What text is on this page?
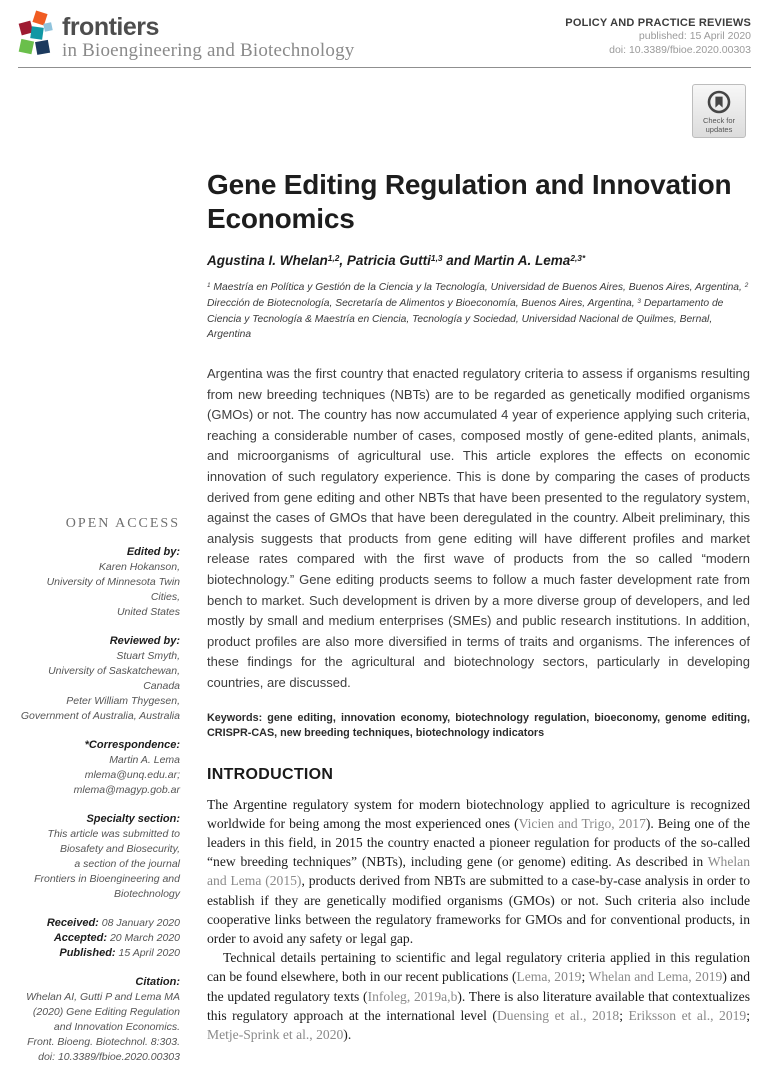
frontiers
in Bioengineering and Biotechnology
POLICY AND PRACTICE REVIEWS
published: 15 April 2020
doi: 10.3389/fbioe.2020.00303
Check for
updates
OPEN ACCESS
Edited by:
Karen Hokanson,
University of Minnesota Twin Cities,
United States
Reviewed by:
Stuart Smyth,
University of Saskatchewan, Canada
Peter William Thygesen,
Government of Australia, Australia
*Correspondence:
Martin A. Lema
mlema@unq.edu.ar;
mlema@magyp.gob.ar
Specialty section:
This article was submitted to
Biosafety and Biosecurity,
a section of the journal
Frontiers in Bioengineering and
Biotechnology
Received: 08 January 2020
Accepted: 20 March 2020
Published: 15 April 2020
Citation:
Whelan AI, Gutti P and Lema MA
(2020) Gene Editing Regulation
and Innovation Economics.
Front. Bioeng. Biotechnol. 8:303.
doi: 10.3389/fbioe.2020.00303
Gene Editing Regulation and Innovation Economics
Agustina I. Whelan$^{1,2}$, Patricia Gutti$^{1,3}$ and Martin A. Lema$^{2,3*}$
$^1$ Maestría en Política y Gestión de la Ciencia y la Tecnología, Universidad de Buenos Aires, Buenos Aires, Argentina, $^2$ Dirección de Biotecnología, Secretaría de Alimentos y Bioeconomía, Buenos Aires, Argentina, $^3$ Departamento de Ciencia y Tecnología & Maestría en Ciencia, Tecnología y Sociedad, Universidad Nacional de Quilmes, Bernal, Argentina
Argentina was the first country that enacted regulatory criteria to assess if organisms resulting from new breeding techniques (NBTs) are to be regarded as genetically modified organisms (GMOs) or not. The country has now accumulated 4 year of experience applying such criteria, reaching a considerable number of cases, composed mostly of gene-edited plants, animals, and microorganisms of agricultural use. This article explores the effects on economic innovation of such regulatory experience. This is done by comparing the cases of products derived from gene editing and other NBTs that have been presented to the regulatory system, against the cases of GMOs that have been deregulated in the country. Albeit preliminary, this analysis suggests that products from gene editing will have different profiles and market release rates compared with the first wave of products from the so called “modern biotechnology.” Gene editing products seems to follow a much faster development rate from bench to market. Such development is driven by a more diverse group of developers, and led mostly by small and medium enterprises (SMEs) and public research institutions. In addition, product profiles are also more diversified in terms of traits and organisms. The inferences of these findings for the agricultural and biotechnology sectors, particularly in developing countries, are discussed.
Keywords: gene editing, innovation economy, biotechnology regulation, bioeconomy, genome editing, CRISPR-CAS, new breeding techniques, biotechnology indicators
INTRODUCTION

The Argentine regulatory system for modern biotechnology applied to agriculture is recognized worldwide for being among the most experienced ones (Vicien and Trigo, 2017). Being one of the leaders in this field, in 2015 the country enacted a pioneer regulation for products of the so-called “new breeding techniques” (NBTs), including gene (or genome) editing. As described in Whelan and Lema (2015), products derived from NBTs are submitted to a case-by-case analysis in order to establish if they are genetically modified organisms (GMOs) or not. Such criteria also include cooperative links between the regulatory frameworks for GMOs and for conventional products, in order to avoid any safety or legal gap.

Technical details pertaining to scientific and legal regulatory criteria applied in this regulation can be found elsewhere, both in our recent publications (Lema, 2019; Whelan and Lema, 2019) and the updated regulatory texts (Infoleg, 2019a,b). There is also literature available that contextualizes this regulatory approach at the international level (Duensing et al., 2018; Eriksson et al., 2019; Metje-Sprink et al., 2020).
